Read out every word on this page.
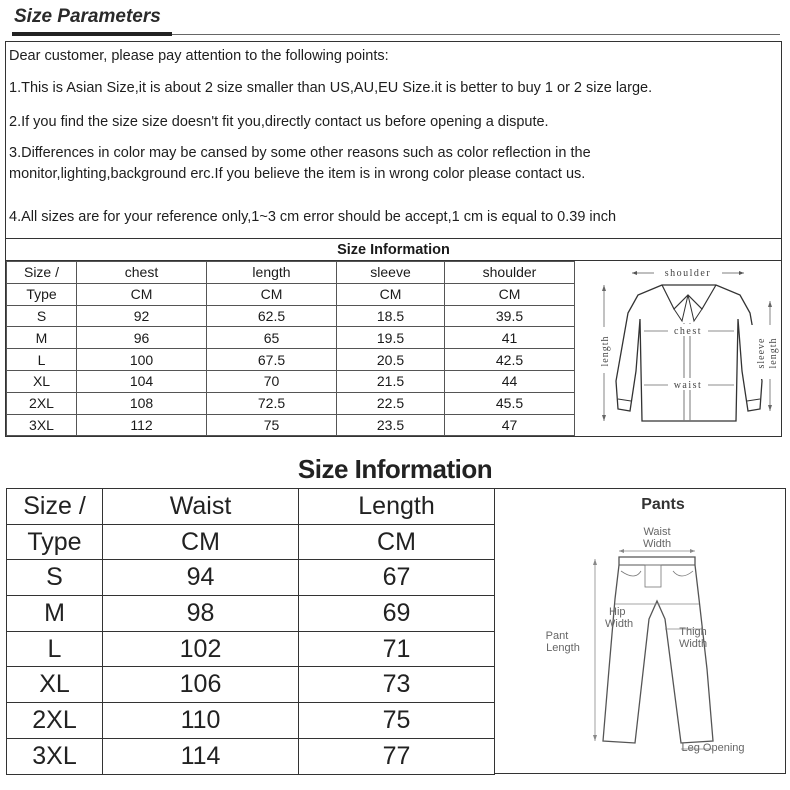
Size Parameters
Dear customer, please pay attention to the following points:
1.This is Asian Size,it is about 2 size smaller than US,AU,EU Size.it is better to buy 1 or 2 size large.
2.If you find the size size doesn't fit you,directly contact us before opening a dispute.
3.Differences in color may be cansed by some other reasons such as color reflection in the
monitor,lighting,background erc.If you believe the item is in wrong color please contact us.
4.All sizes are for your reference only,1~3 cm error should be accept,1 cm is equal to 0.39 inch
Size Information
Size /	chest	length	sleeve	shoulder
Type	CM	CM	CM	CM
S	92	62.5	18.5	39.5
M	96	65	19.5	41
L	100	67.5	20.5	42.5
XL	104	70	21.5	44
2XL	108	72.5	22.5	45.5
3XL	112	75	23.5	47
shoulder
chest
waist
length	sleeve length
Size Information
Size /	Waist	Length
Type	CM	CM
S	94	67
M	98	69
L	102	71
XL	106	73
2XL	110	75
3XL	114	77
Pants
Waist
Width
Hip
Width
Thigh
Width
Pant
Length
Leg Opening
